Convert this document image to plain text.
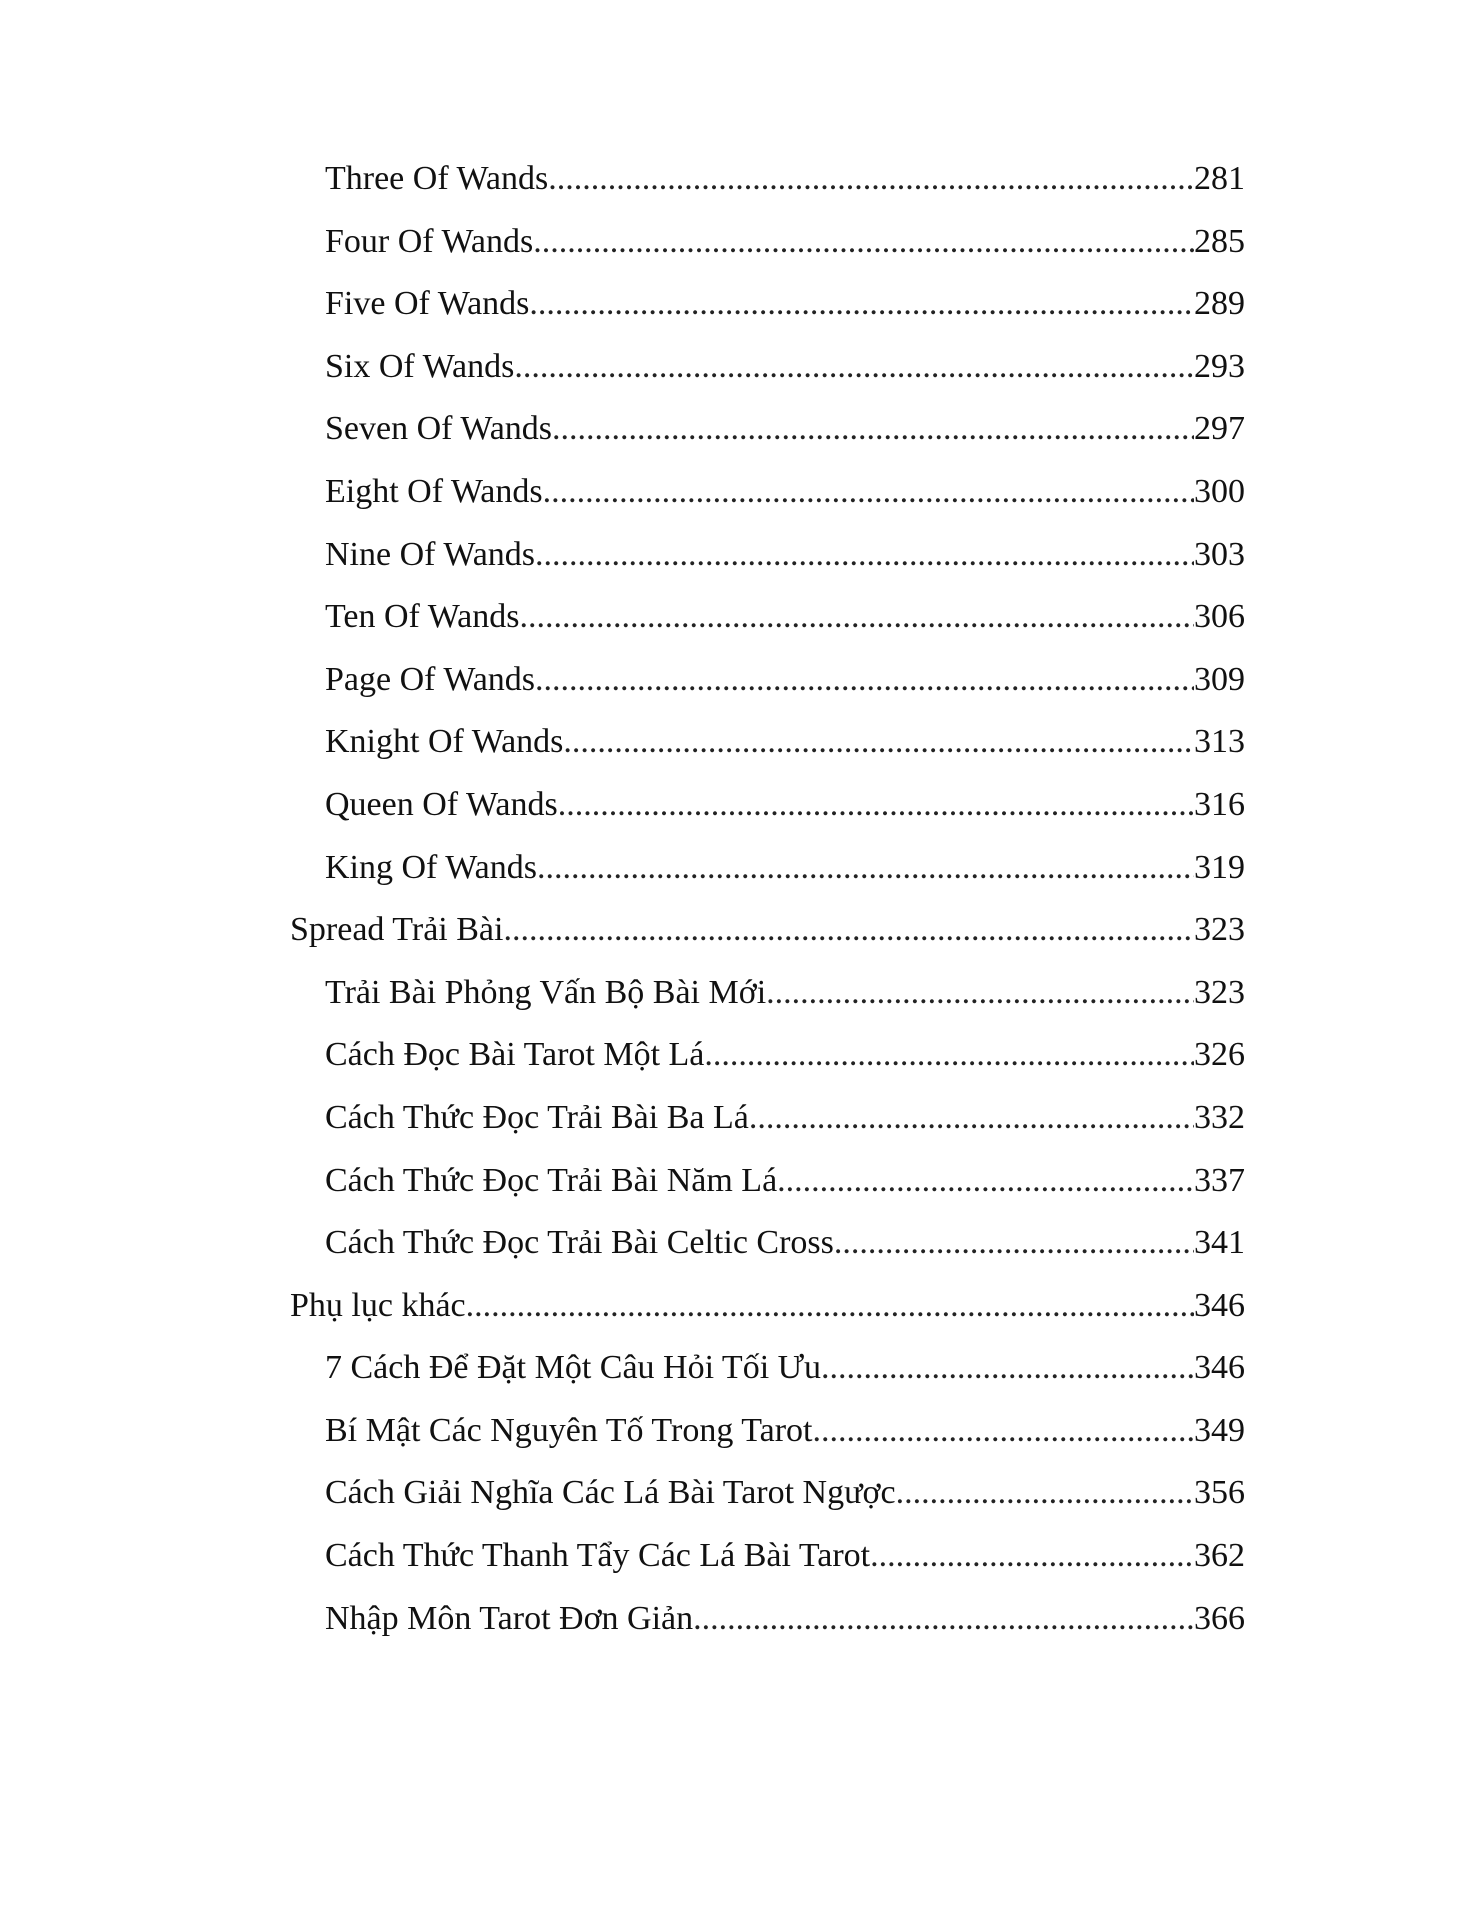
Three Of Wands .....	281
Four Of Wands .....	285
Five Of Wands .....	289
Six Of Wands .....	293
Seven Of Wands .....	297
Eight Of Wands .....	300
Nine Of Wands .....	303
Ten Of Wands .....	306
Page Of Wands .....	309
Knight Of Wands .....	313
Queen Of Wands .....	316
King Of Wands .....	319
Spread Trải Bài .....	323
Trải Bài Phỏng Vấn Bộ Bài Mới .....	323
Cách Đọc Bài Tarot Một Lá .....	326
Cách Thức Đọc Trải Bài Ba Lá .....	332
Cách Thức Đọc Trải Bài Năm Lá .....	337
Cách Thức Đọc Trải Bài Celtic Cross .....	341
Phụ lục khác .....	346
7 Cách Để Đặt Một Câu Hỏi Tối Ưu .....	346
Bí Mật Các Nguyên Tố Trong Tarot .....	349
Cách Giải Nghĩa Các Lá Bài Tarot Ngược .....	356
Cách Thức Thanh Tẩy Các Lá Bài Tarot .....	362
Nhập Môn Tarot Đơn Giản .....	366
